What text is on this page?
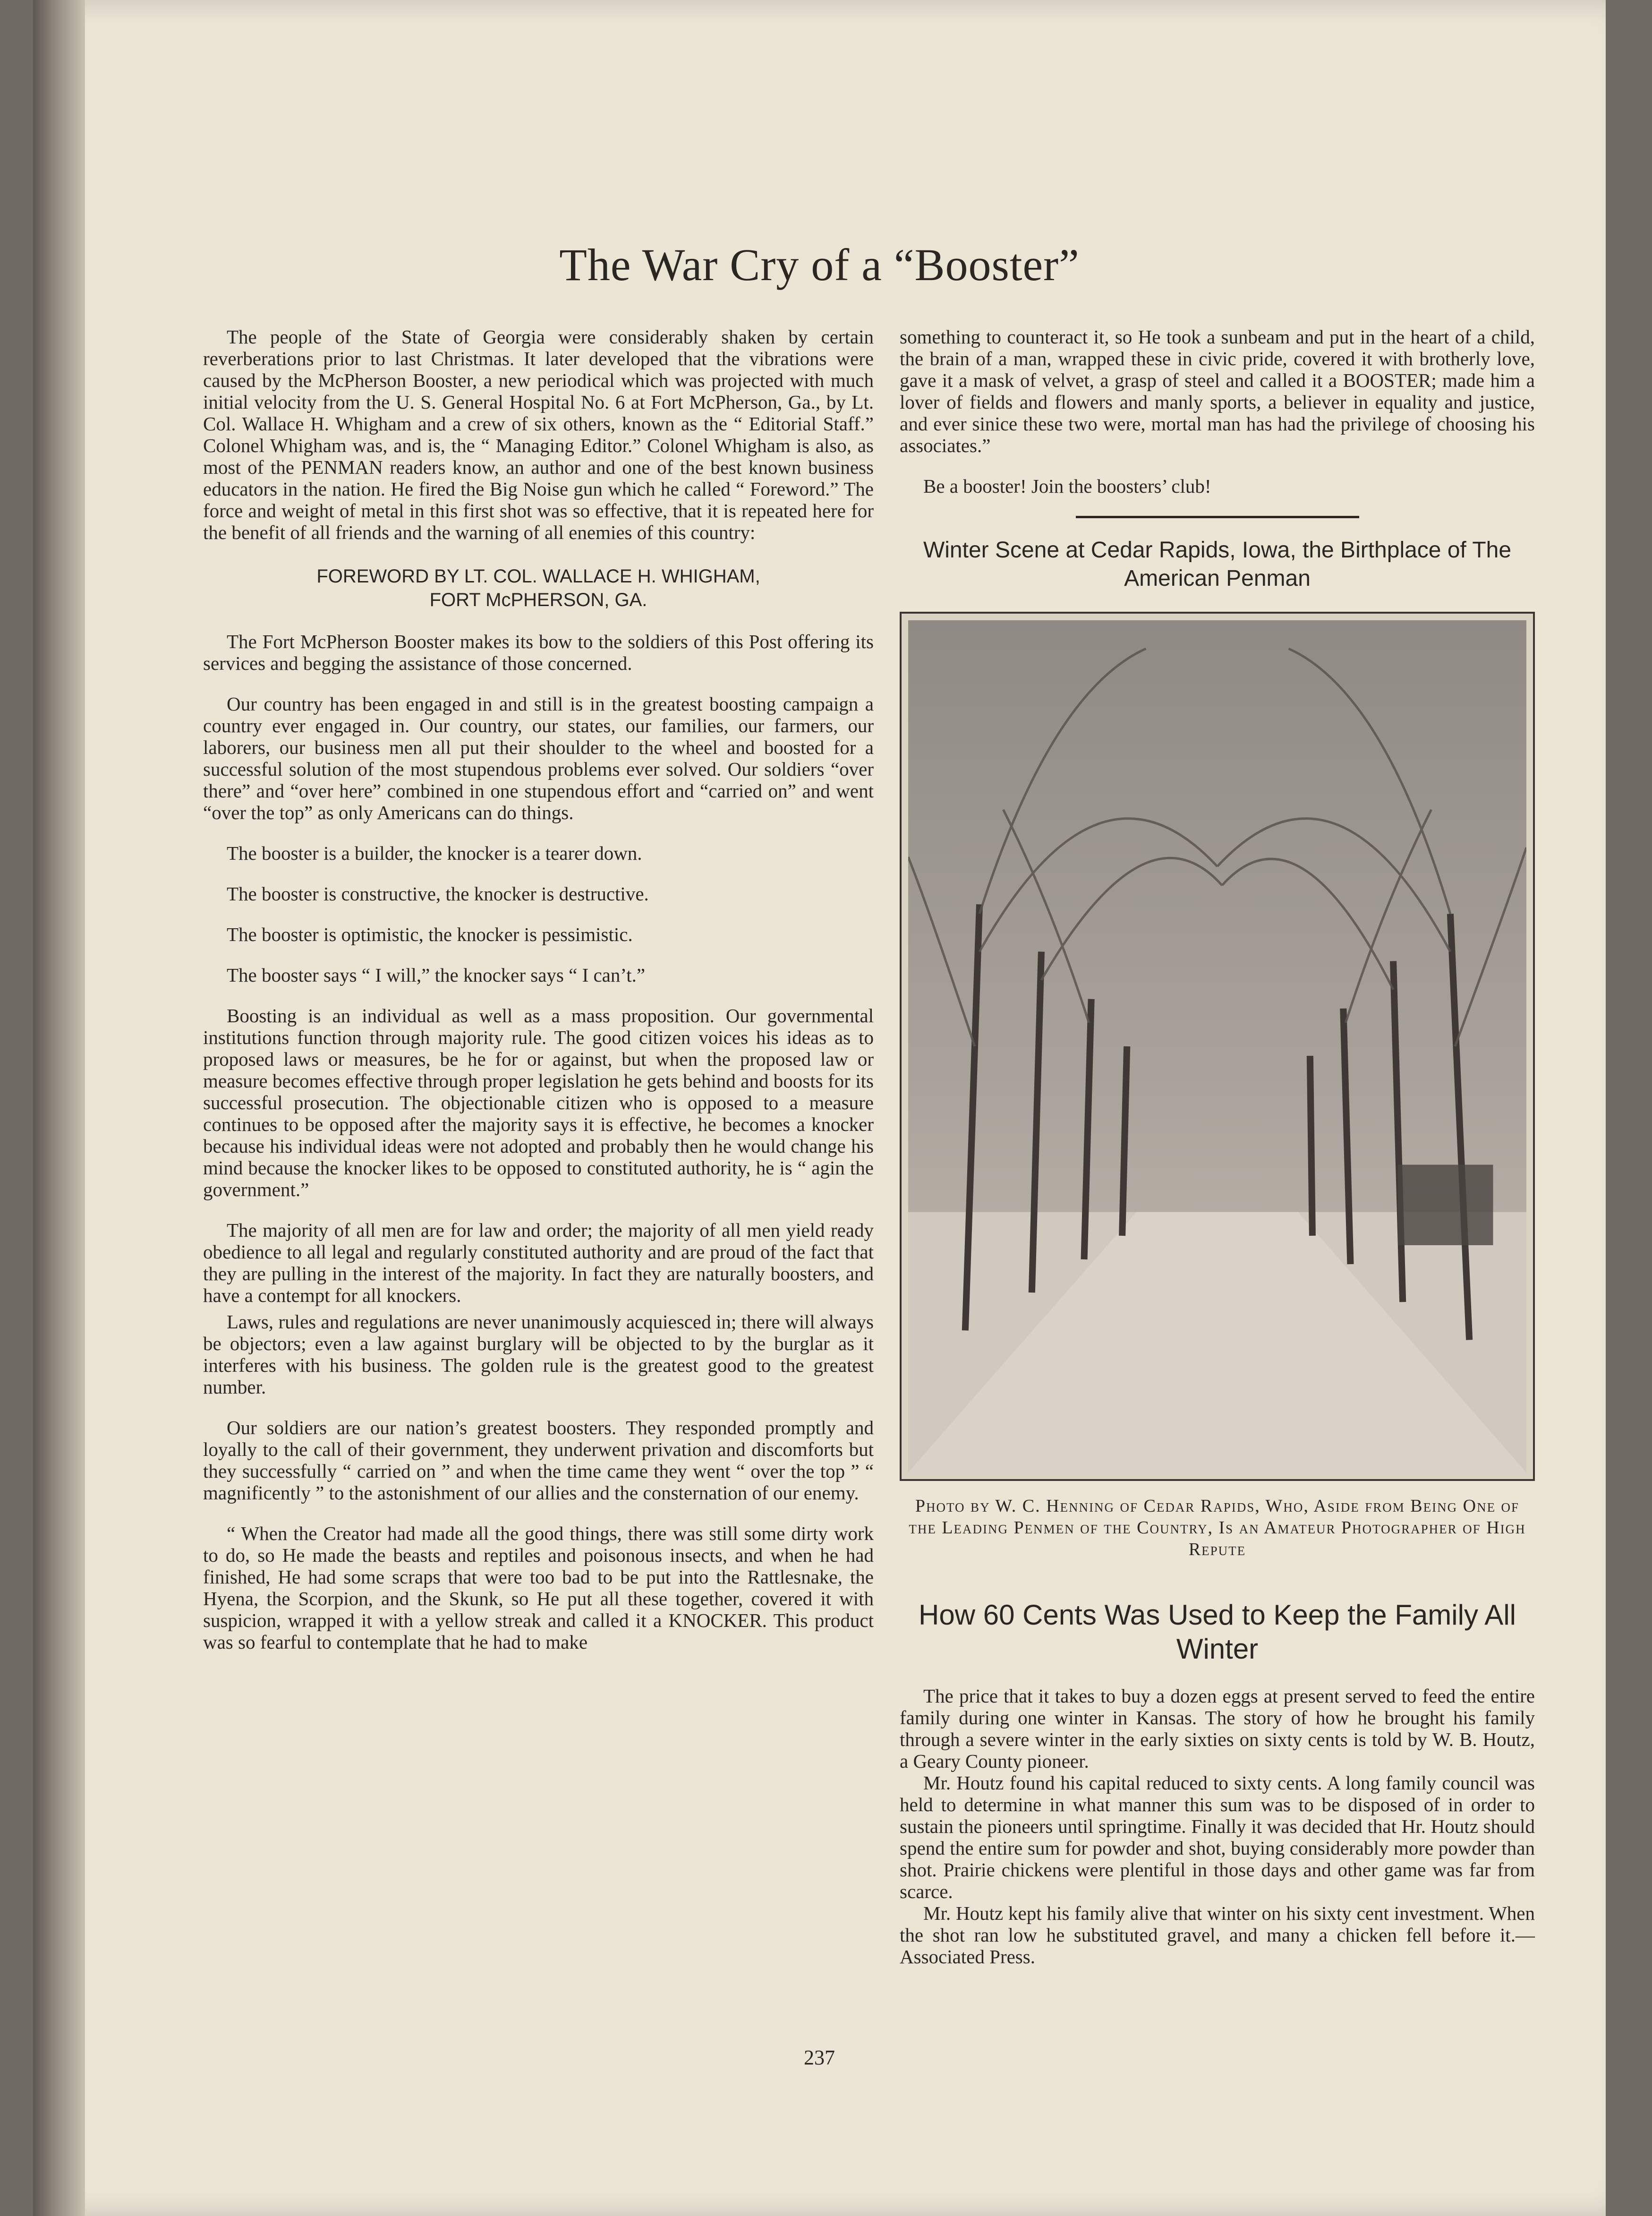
The War Cry of a “Booster”

The people of the State of Georgia were considerably shaken by certain reverberations prior to last Christmas. It later developed that the vibrations were caused by the McPherson Booster, a new periodical which was projected with much initial velocity from the U. S. General Hospital No. 6 at Fort McPherson, Ga., by Lt. Col. Wallace H. Whigham and a crew of six others, known as the “ Editorial Staff.” Colonel Whigham was, and is, the “ Managing Editor.” Colonel Whigham is also, as most of the PENMAN readers know, an author and one of the best known business educators in the nation. He fired the Big Noise gun which he called “ Foreword.” The force and weight of metal in this first shot was so effective, that it is repeated here for the benefit of all friends and the warning of all enemies of this country:

FOREWORD BY LT. COL. WALLACE H. WHIGHAM,
FORT McPHERSON, GA.

The Fort McPherson Booster makes its bow to the soldiers of this Post offering its services and begging the assistance of those concerned.

Our country has been engaged in and still is in the greatest boosting campaign a country ever engaged in. Our country, our states, our families, our farmers, our laborers, our business men all put their shoulder to the wheel and boosted for a successful solution of the most stupendous problems ever solved. Our soldiers “over there” and “over here” combined in one stupendous effort and “carried on” and went “over the top” as only Americans can do things.

The booster is a builder, the knocker is a tearer down.

The booster is constructive, the knocker is destructive.

The booster is optimistic, the knocker is pessimistic.

The booster says “ I will,” the knocker says “ I can’t.”

Boosting is an individual as well as a mass proposition. Our governmental institutions function through majority rule. The good citizen voices his ideas as to proposed laws or measures, be he for or against, but when the proposed law or measure becomes effective through proper legislation he gets behind and boosts for its successful prosecution. The objectionable citizen who is opposed to a measure continues to be opposed after the majority says it is effective, he becomes a knocker because his individual ideas were not adopted and probably then he would change his mind because the knocker likes to be opposed to constituted authority, he is “ agin the government.”

The majority of all men are for law and order; the majority of all men yield ready obedience to all legal and regularly constituted authority and are proud of the fact that they are pulling in the interest of the majority. In fact they are naturally boosters, and have a contempt for all knockers.

Laws, rules and regulations are never unanimously acquiesced in; there will always be objectors; even a law against burglary will be objected to by the burglar as it interferes with his business. The golden rule is the greatest good to the greatest number.

Our soldiers are our nation’s greatest boosters. They responded promptly and loyally to the call of their government, they underwent privation and discomforts but they successfully “ carried on ” and when the time came they went “ over the top ” “ magnificently ” to the astonishment of our allies and the consternation of our enemy.

“ When the Creator had made all the good things, there was still some dirty work to do, so He made the beasts and reptiles and poisonous insects, and when he had finished, He had some scraps that were too bad to be put into the Rattlesnake, the Hyena, the Scorpion, and the Skunk, so He put all these together, covered it with suspicion, wrapped it with a yellow streak and called it a KNOCKER. This product was so fearful to contemplate that he had to make

something to counteract it, so He took a sunbeam and put in the heart of a child, the brain of a man, wrapped these in civic pride, covered it with brotherly love, gave it a mask of velvet, a grasp of steel and called it a BOOSTER; made him a lover of fields and flowers and manly sports, a believer in equality and justice, and ever sinice these two were, mortal man has had the privilege of choosing his associates.”

Be a booster! Join the boosters’ club!

Winter Scene at Cedar Rapids, Iowa, the Birthplace of The American Penman
Photo by W. C. Henning of Cedar Rapids, Who, Aside from Being One of the Leading Penmen of the Country, Is an Amateur Photographer of High Repute
How 60 Cents Was Used to Keep the Family All Winter

The price that it takes to buy a dozen eggs at present served to feed the entire family during one winter in Kansas. The story of how he brought his family through a severe winter in the early sixties on sixty cents is told by W. B. Houtz, a Geary County pioneer.

Mr. Houtz found his capital reduced to sixty cents. A long family council was held to determine in what manner this sum was to be disposed of in order to sustain the pioneers until springtime. Finally it was decided that Hr. Houtz should spend the entire sum for powder and shot, buying considerably more powder than shot. Prairie chickens were plentiful in those days and other game was far from scarce.

Mr. Houtz kept his family alive that winter on his sixty cent investment. When the shot ran low he substituted gravel, and many a chicken fell before it.—Associated Press.

237
